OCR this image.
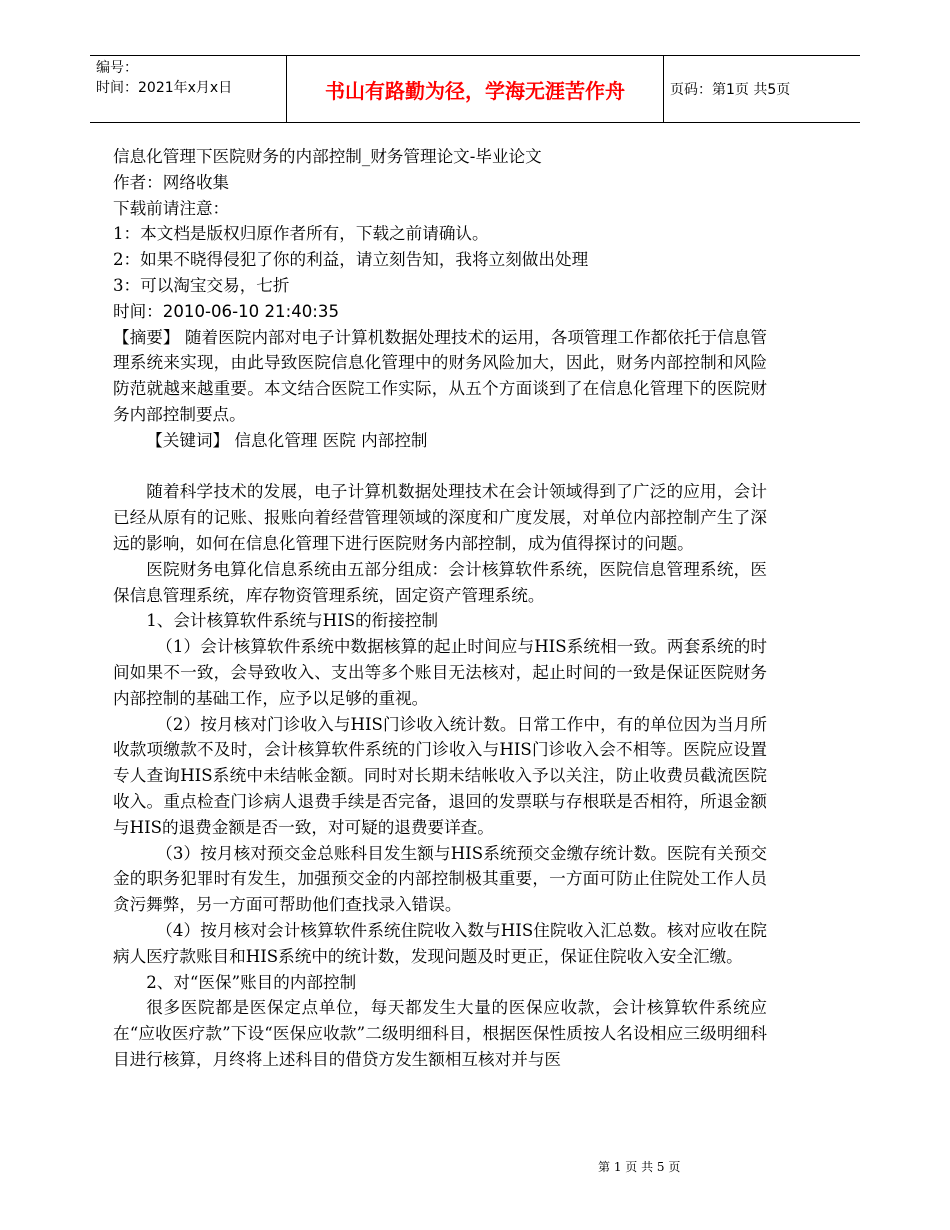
编号：
时间：2021年x月x日	书山有路勤为径，学海无涯苦作舟	页码：第1页 共5页

信息化管理下医院财务的内部控制_财务管理论文-毕业论文

作者：网络收集

下载前请注意：

1：本文档是版权归原作者所有，下载之前请确认。

2：如果不晓得侵犯了你的利益，请立刻告知，我将立刻做出处理

3：可以淘宝交易，七折

时间：2010-06-10 21:40:35

【摘要】 随着医院内部对电子计算机数据处理技术的运用，各项管理工作都依托于信息管理系统来实现，由此导致医院信息化管理中的财务风险加大，因此，财务内部控制和风险防范就越来越重要。本文结合医院工作实际，从五个方面谈到了在信息化管理下的医院财务内部控制要点。

【关键词】 信息化管理 医院 内部控制

随着科学技术的发展，电子计算机数据处理技术在会计领域得到了广泛的应用，会计已经从原有的记账、报账向着经营管理领域的深度和广度发展，对单位内部控制产生了深远的影响，如何在信息化管理下进行医院财务内部控制，成为值得探讨的问题。

医院财务电算化信息系统由五部分组成：会计核算软件系统，医院信息管理系统，医保信息管理系统，库存物资管理系统，固定资产管理系统。

1、会计核算软件系统与HIS的衔接控制

（1）会计核算软件系统中数据核算的起止时间应与HIS系统相一致。两套系统的时间如果不一致，会导致收入、支出等多个账目无法核对，起止时间的一致是保证医院财务内部控制的基础工作，应予以足够的重视。

（2）按月核对门诊收入与HIS门诊收入统计数。日常工作中，有的单位因为当月所收款项缴款不及时，会计核算软件系统的门诊收入与HIS门诊收入会不相等。医院应设置专人查询HIS系统中未结帐金额。同时对长期未结帐收入予以关注，防止收费员截流医院收入。重点检查门诊病人退费手续是否完备，退回的发票联与存根联是否相符，所退金额与HIS的退费金额是否一致，对可疑的退费要详查。

（3）按月核对预交金总账科目发生额与HIS系统预交金缴存统计数。医院有关预交金的职务犯罪时有发生，加强预交金的内部控制极其重要，一方面可防止住院处工作人员贪污舞弊，另一方面可帮助他们查找录入错误。

（4）按月核对会计核算软件系统住院收入数与HIS住院收入汇总数。核对应收在院病人医疗款账目和HIS系统中的统计数，发现问题及时更正，保证住院收入安全汇缴。

2、对“医保”账目的内部控制

很多医院都是医保定点单位，每天都发生大量的医保应收款，会计核算软件系统应在“应收医疗款”下设“医保应收款”二级明细科目，根据医保性质按人名设相应三级明细科目进行核算，月终将上述科目的借贷方发生额相互核对并与医

第 1 页 共 5 页
